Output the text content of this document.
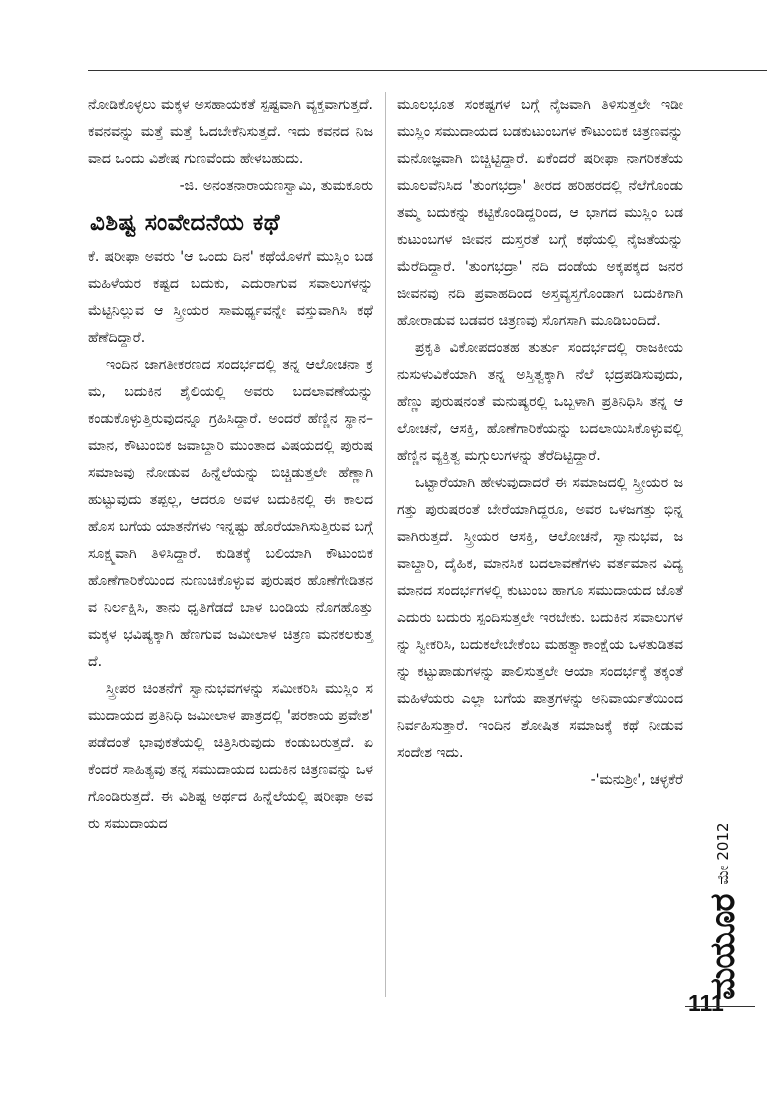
ನೋಡಿಕೊಳ್ಳಲು ಮಕ್ಕಳ ಅಸಹಾಯಕತೆ ಸ್ಪಷ್ಟವಾಗಿ ವ್ಯಕ್ತವಾಗುತ್ತದೆ. ಕವನವನ್ನು ಮತ್ತೆ ಮತ್ತೆ ಓದಬೇಕೆನಿಸುತ್ತದೆ. ಇದು ಕವನದ ನಿಜವಾದ ಒಂದು ವಿಶೇಷ ಗುಣವೆಂದು ಹೇಳಬಹುದು.

-ಜಿ. ಅನಂತನಾರಾಯಣಸ್ವಾಮಿ, ತುಮಕೂರು

ವಿಶಿಷ್ಟ ಸಂವೇದನೆಯ ಕಥೆ

ಕೆ. ಷರೀಫಾ ಅವರು 'ಆ ಒಂದು ದಿನ' ಕಥೆಯೊಳಗೆ ಮುಸ್ಲಿಂ ಬಡ ಮಹಿಳೆಯರ ಕಷ್ಟದ ಬದುಕು, ಎದುರಾಗುವ ಸವಾಲುಗಳನ್ನು ಮೆಟ್ಟಿನಿಲ್ಲುವ ಆ ಸ್ತ್ರೀಯರ ಸಾಮರ್ಥ್ಯವನ್ನೇ ವಸ್ತುವಾಗಿಸಿ ಕಥೆ ಹೆಣೆದಿದ್ದಾರೆ.

ಇಂದಿನ ಜಾಗತೀಕರಣದ ಸಂದರ್ಭದಲ್ಲಿ ತನ್ನ ಆಲೋಚನಾ ಕ್ರಮ, ಬದುಕಿನ ಶೈಲಿಯಲ್ಲಿ ಅವರು ಬದಲಾವಣೆಯನ್ನು ಕಂಡುಕೊಳ್ಳುತ್ತಿರುವುದನ್ನೂ ಗ್ರಹಿಸಿದ್ದಾರೆ. ಅಂದರೆ ಹೆಣ್ಣಿನ ಸ್ಥಾನ–ಮಾನ, ಕೌಟುಂಬಿಕ ಜವಾಬ್ದಾರಿ ಮುಂತಾದ ವಿಷಯದಲ್ಲಿ ಪುರುಷ ಸಮಾಜವು ನೋಡುವ ಹಿನ್ನೆಲೆಯನ್ನು ಬಿಚ್ಚಿಡುತ್ತಲೇ ಹೆಣ್ಣಾಗಿ ಹುಟ್ಟುವುದು ತಪ್ಪಲ್ಲ, ಆದರೂ ಅವಳ ಬದುಕಿನಲ್ಲಿ ಈ ಕಾಲದ ಹೊಸ ಬಗೆಯ ಯಾತನೆಗಳು ಇನ್ನಷ್ಟು ಹೊರೆಯಾಗಿಸುತ್ತಿರುವ ಬಗ್ಗೆ ಸೂಕ್ಷ್ಮವಾಗಿ ತಿಳಿಸಿದ್ದಾರೆ. ಕುಡಿತಕ್ಕೆ ಬಲಿಯಾಗಿ ಕೌಟುಂಬಿಕ ಹೊಣೆಗಾರಿಕೆಯಿಂದ ನುಣುಚಿಕೊಳ್ಳುವ ಪುರುಷರ ಹೊಣೆಗೇಡಿತನವ ನಿರ್ಲಕ್ಷಿಸಿ, ತಾನು ಧೃತಿಗೆಡದೆ ಬಾಳ ಬಂಡಿಯ ನೊಗಹೊತ್ತು ಮಕ್ಕಳ ಭವಿಷ್ಯಕ್ಕಾಗಿ ಹೆಣಗುವ ಜಮೀಲಾಳ ಚಿತ್ರಣ ಮನಕಲಕುತ್ತದೆ.

ಸ್ತ್ರೀಪರ ಚಿಂತನೆಗೆ ಸ್ವಾನುಭವಗಳನ್ನು ಸಮೀಕರಿಸಿ ಮುಸ್ಲಿಂ ಸಮುದಾಯದ ಪ್ರತಿನಿಧಿ ಜಮೀಲಾಳ ಪಾತ್ರದಲ್ಲಿ 'ಪರಕಾಯ ಪ್ರವೇಶ' ಪಡೆದಂತೆ ಭಾವುಕತೆಯಲ್ಲಿ ಚಿತ್ರಿಸಿರುವುದು ಕಂಡುಬರುತ್ತದೆ. ಏಕೆಂದರೆ ಸಾಹಿತ್ಯವು ತನ್ನ ಸಮುದಾಯದ ಬದುಕಿನ ಚಿತ್ರಣವನ್ನು ಒಳಗೊಂಡಿರುತ್ತದೆ. ಈ ವಿಶಿಷ್ಟ ಅರ್ಥದ ಹಿನ್ನೆಲೆಯಲ್ಲಿ ಷರೀಫಾ ಅವರು ಸಮುದಾಯದ

ಮೂಲಭೂತ ಸಂಕಷ್ಟಗಳ ಬಗ್ಗೆ ನೈಜವಾಗಿ ತಿಳಿಸುತ್ತಲೇ ಇಡೀ ಮುಸ್ಲಿಂ ಸಮುದಾಯದ ಬಡಕುಟುಂಬಗಳ ಕೌಟುಂಬಿಕ ಚಿತ್ರಣವನ್ನು ಮನೋಜ್ಞವಾಗಿ ಬಿಚ್ಚಿಟ್ಟಿದ್ದಾರೆ. ಏಕೆಂದರೆ ಷರೀಫಾ ನಾಗರಿಕತೆಯ ಮೂಲವೆನಿಸಿದ 'ತುಂಗಭದ್ರಾ' ತೀರದ ಹರಿಹರದಲ್ಲಿ ನೆಲೆಗೊಂಡು ತಮ್ಮ ಬದುಕನ್ನು ಕಟ್ಟಿಕೊಂಡಿದ್ದರಿಂದ, ಆ ಭಾಗದ ಮುಸ್ಲಿಂ ಬಡ ಕುಟುಂಬಗಳ ಜೀವನ ದುಸ್ತರತೆ ಬಗ್ಗೆ ಕಥೆಯಲ್ಲಿ ನೈಜತೆಯನ್ನು ಮೆರೆದಿದ್ದಾರೆ. 'ತುಂಗಭದ್ರಾ' ನದಿ ದಂಡೆಯ ಅಕ್ಕಪಕ್ಕದ ಜನರ ಜೀವನವು ನದಿ ಪ್ರವಾಹದಿಂದ ಅಸ್ತವ್ಯಸ್ತಗೊಂಡಾಗ ಬದುಕಿಗಾಗಿ ಹೋರಾಡುವ ಬಡವರ ಚಿತ್ರಣವು ಸೊಗಸಾಗಿ ಮೂಡಿಬಂದಿದೆ.

ಪ್ರಕೃತಿ ವಿಕೋಪದಂತಹ ತುರ್ತು ಸಂದರ್ಭದಲ್ಲಿ ರಾಜಕೀಯ ನುಸುಳುವಿಕೆಯಾಗಿ ತನ್ನ ಅಸ್ತಿತ್ವಕ್ಕಾಗಿ ನೆಲೆ ಭದ್ರಪಡಿಸುವುದು, ಹೆಣ್ಣು ಪುರುಷನಂತೆ ಮನುಷ್ಯರಲ್ಲಿ ಒಬ್ಬಳಾಗಿ ಪ್ರತಿನಿಧಿಸಿ ತನ್ನ ಆಲೋಚನೆ, ಆಸಕ್ತಿ, ಹೊಣೆಗಾರಿಕೆಯನ್ನು ಬದಲಾಯಿಸಿಕೊಳ್ಳುವಲ್ಲಿ ಹೆಣ್ಣಿನ ವ್ಯಕ್ತಿತ್ವ ಮಗ್ಗುಲುಗಳನ್ನು ತೆರೆದಿಟ್ಟಿದ್ದಾರೆ.

ಒಟ್ಟಾರೆಯಾಗಿ ಹೇಳುವುದಾದರೆ ಈ ಸಮಾಜದಲ್ಲಿ ಸ್ತ್ರೀಯರ ಜಗತ್ತು ಪುರುಷರಂತೆ ಬೇರೆಯಾಗಿದ್ದರೂ, ಅವರ ಒಳಜಗತ್ತು ಭಿನ್ನವಾಗಿರುತ್ತದೆ. ಸ್ತ್ರೀಯರ ಆಸಕ್ತಿ, ಆಲೋಚನೆ, ಸ್ವಾನುಭವ, ಜವಾಬ್ದಾರಿ, ದೈಹಿಕ, ಮಾನಸಿಕ ಬದಲಾವಣೆಗಳು ವರ್ತಮಾನ ವಿದ್ಯಮಾನದ ಸಂದರ್ಭಗಳಲ್ಲಿ ಕುಟುಂಬ ಹಾಗೂ ಸಮುದಾಯದ ಜೊತೆ ಎದುರು ಬದುರು ಸ್ಪಂದಿಸುತ್ತಲೇ ಇರಬೇಕು. ಬದುಕಿನ ಸವಾಲುಗಳನ್ನು ಸ್ವೀಕರಿಸಿ, ಬದುಕಲೇಬೇಕೆಂಬ ಮಹತ್ವಾಕಾಂಕ್ಷೆಯ ಒಳತುಡಿತವನ್ನು ಕಟ್ಟುಪಾಡುಗಳನ್ನು ಪಾಲಿಸುತ್ತಲೇ ಆಯಾ ಸಂದರ್ಭಕ್ಕೆ ತಕ್ಕಂತೆ ಮಹಿಳೆಯರು ಎಲ್ಲಾ ಬಗೆಯ ಪಾತ್ರಗಳನ್ನು ಅನಿವಾರ್ಯತೆಯಿಂದ ನಿರ್ವಹಿಸುತ್ತಾರೆ. ಇಂದಿನ ಶೋಷಿತ ಸಮಾಜಕ್ಕೆ ಕಥೆ ನೀಡುವ ಸಂದೇಶ ಇದು.

-'ಮನುಶ್ರೀ', ಚಳ್ಳಕೆರೆ

ಮಯೂರ
ಮೇ 2012
111
